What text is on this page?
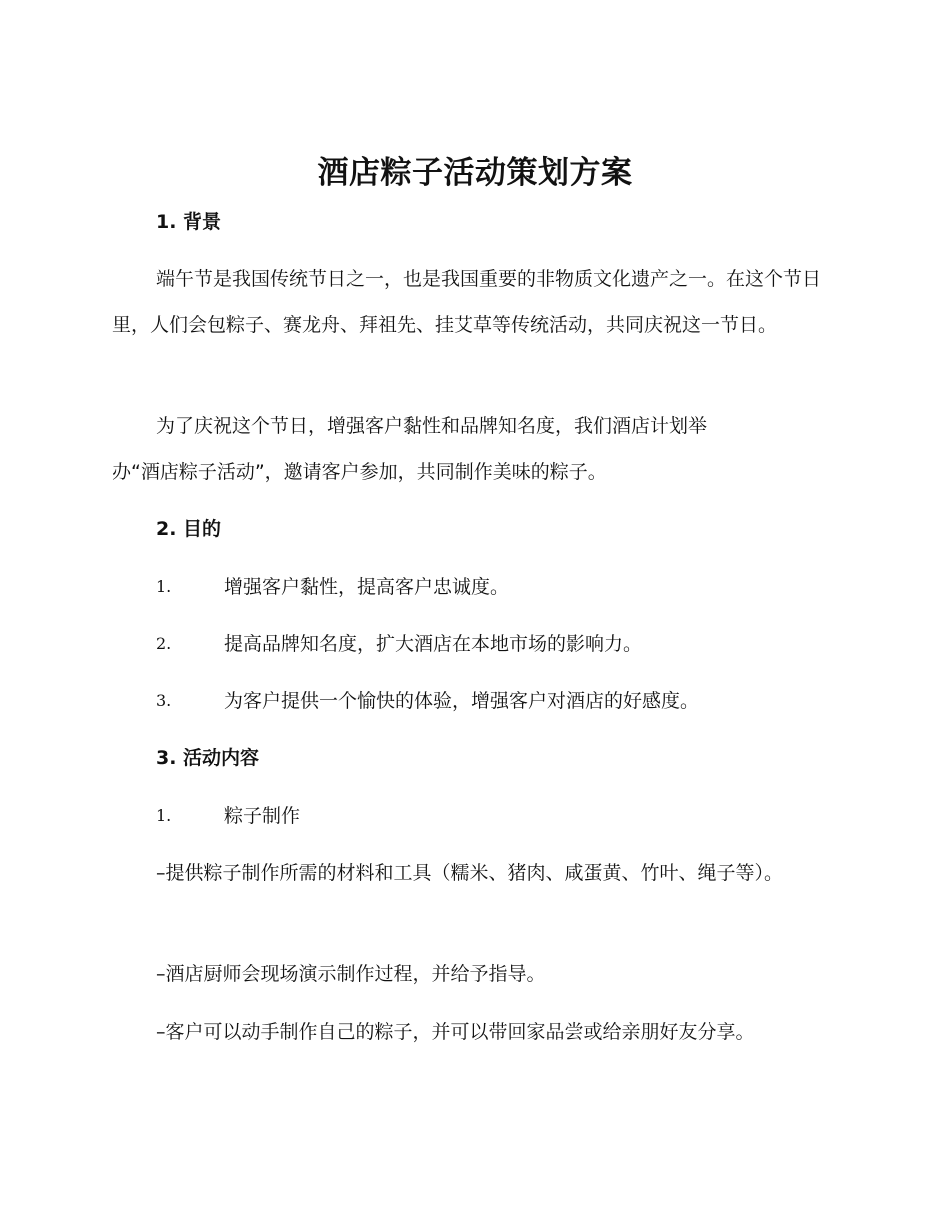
酒店粽子活动策划方案
1. 背景

端午节是我国传统节日之一，也是我国重要的非物质文化遗产之一。在这个节日里，人们会包粽子、赛龙舟、拜祖先、挂艾草等传统活动，共同庆祝这一节日。

为了庆祝这个节日，增强客户黏性和品牌知名度，我们酒店计划举

办“酒店粽子活动”，邀请客户参加，共同制作美味的粽子。

2. 目的
1.	增强客户黏性，提高客户忠诚度。
2.	提高品牌知名度，扩大酒店在本地市场的影响力。
3.	为客户提供一个愉快的体验，增强客户对酒店的好感度。
3. 活动内容
1.	粽子制作

–提供粽子制作所需的材料和工具（糯米、猪肉、咸蛋黄、竹叶、绳子等）。

–酒店厨师会现场演示制作过程，并给予指导。

–客户可以动手制作自己的粽子，并可以带回家品尝或给亲朋好友分享。
